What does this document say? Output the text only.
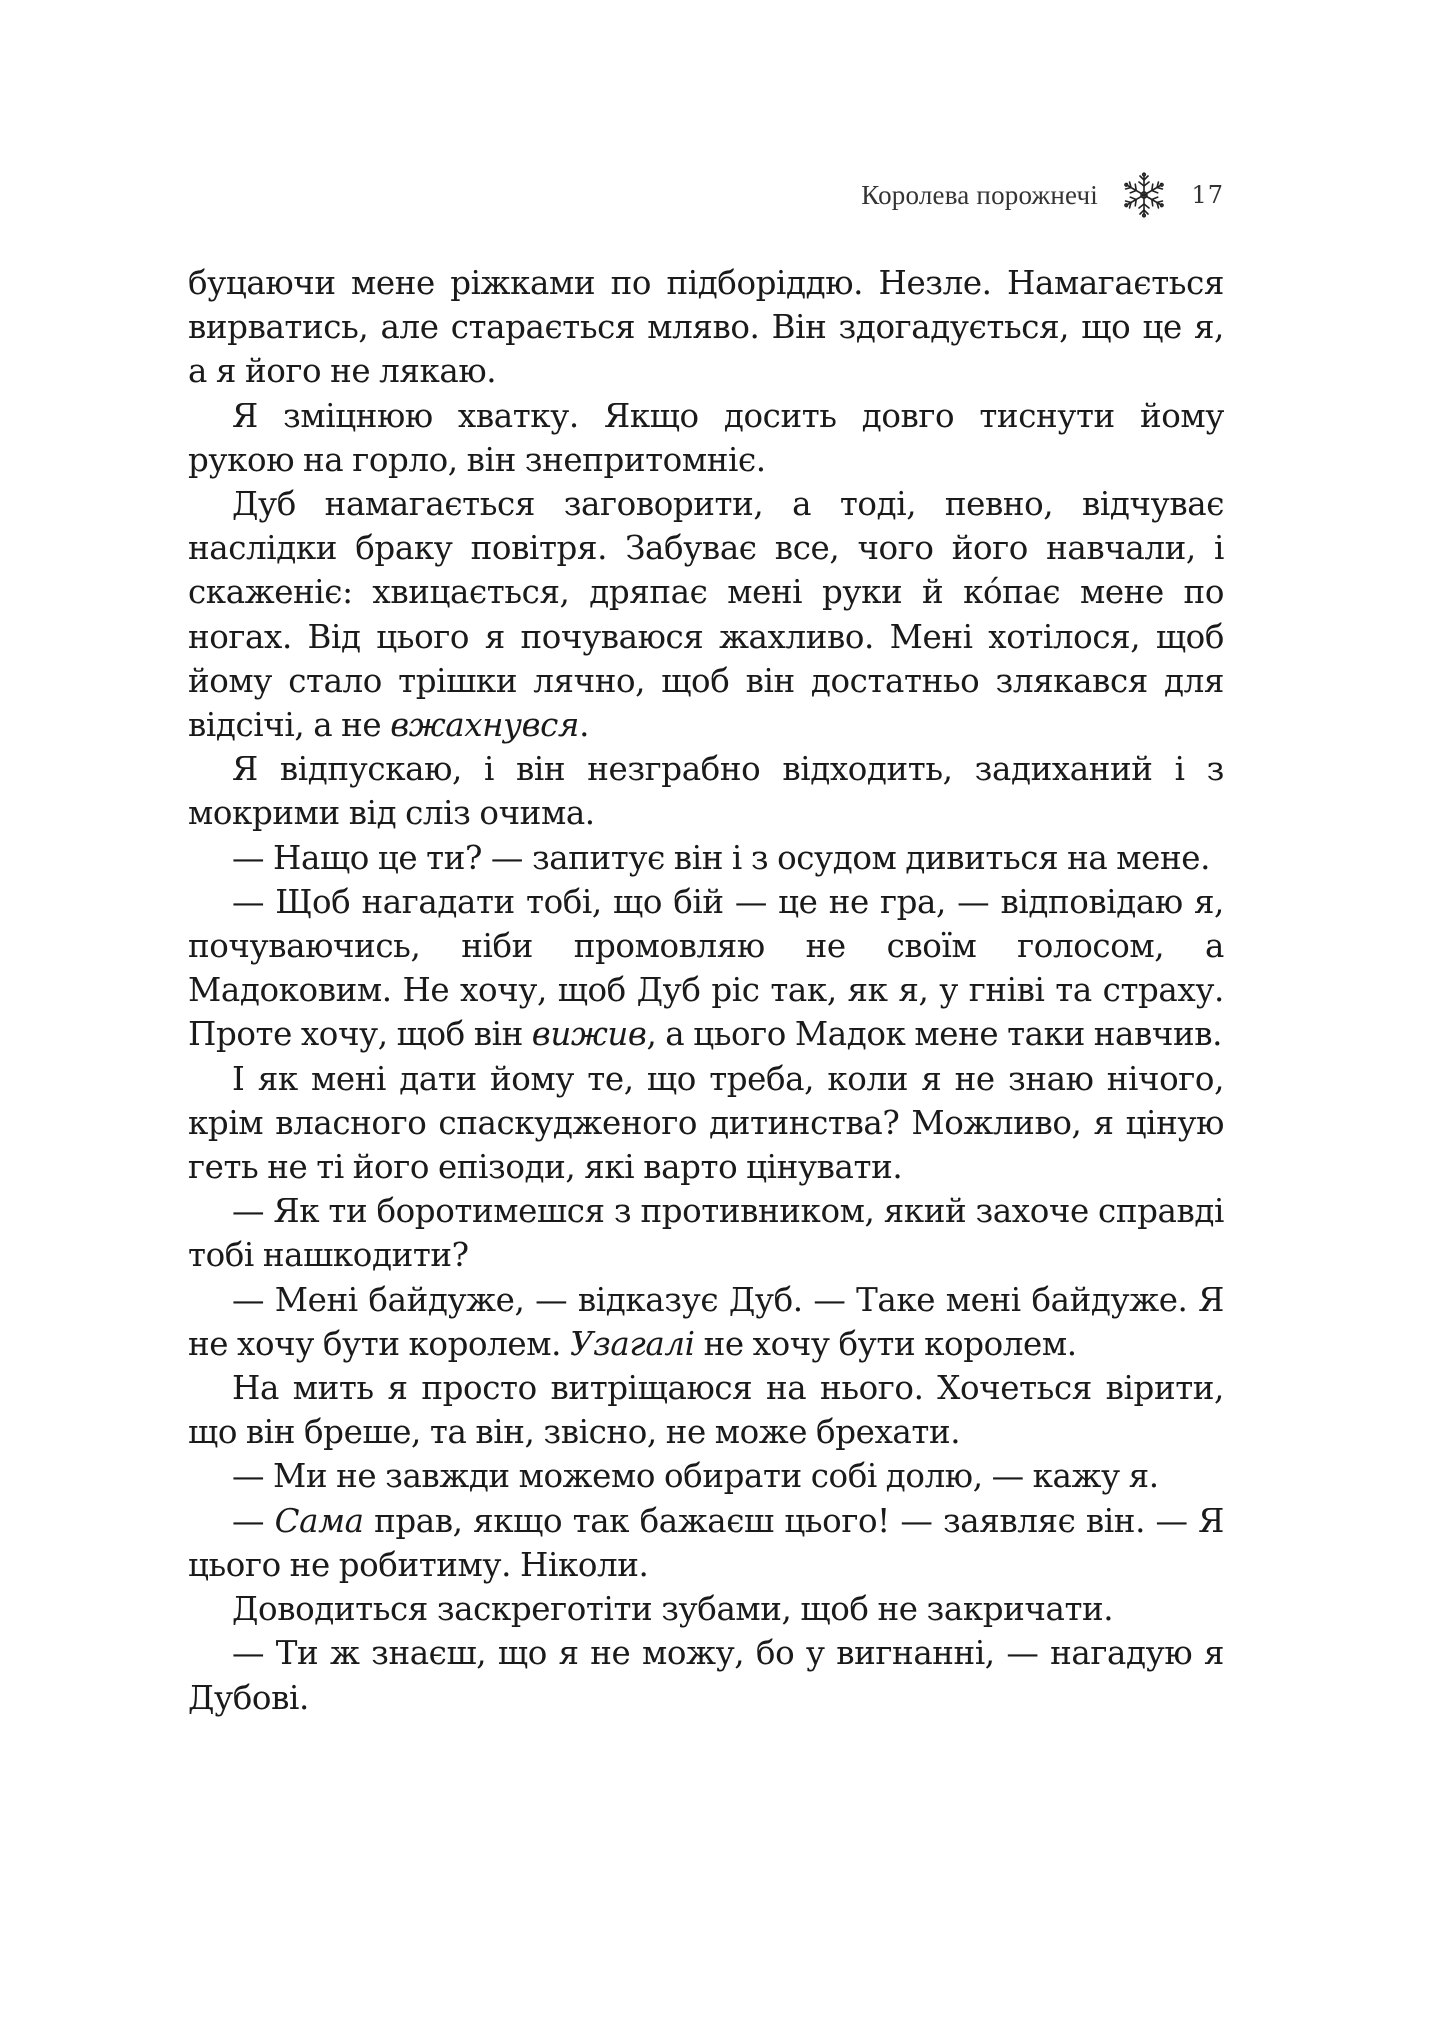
Королева порожнечі	17

буцаючи мене ріжками по підборіддю. Незле. Намагається вирватись, але старається мляво. Він здогадується, що це я, а я його не лякаю.

Я зміцнюю хватку. Якщо досить довго тиснути йому рукою на горло, він знепритомніє.

Дуб намагається заговорити, а тоді, певно, відчуває наслідки браку повітря. Забуває все, чого його навчали, і скаженіє: хвицається, дряпає мені руки й кóпає мене по ногах. Від цього я почуваюся жахливо. Мені хотілося, щоб йому стало трішки лячно, щоб він достатньо злякався для відсічі, а не вжахнувся.

Я відпускаю, і він незграбно відходить, задиханий і з мокрими від сліз очима.

— Нащо це ти? — запитує він і з осудом дивиться на мене.

— Щоб нагадати тобі, що бій — це не гра, — відповідаю я, почуваючись, ніби промовляю не своїм голосом, а Мадоковим. Не хочу, щоб Дуб ріс так, як я, у гніві та страху. Проте хочу, щоб він вижив, а цього Мадок мене таки навчив.

І як мені дати йому те, що треба, коли я не знаю нічого, крім власного спаскудженого дитинства? Можливо, я цiную геть не ті його епізоди, які варто цінувати.

— Як ти боротимешся з противником, який захоче справді тобі нашкодити?

— Мені байдуже, — відказує Дуб. — Таке мені байдуже. Я не хочу бути королем. Узагалі не хочу бути королем.

На мить я просто витріщаюся на нього. Хочеться вірити, що він бреше, та він, звісно, не може брехати.

— Ми не завжди можемо обирати собі долю, — кажу я.

— Сама прав, якщо так бажаєш цього! — заявляє він. — Я цього не робитиму. Ніколи.

Доводиться заскреготіти зубами, щоб не закричати.

— Ти ж знаєш, що я не можу, бо у вигнанні, — нагадую я Дубові.
